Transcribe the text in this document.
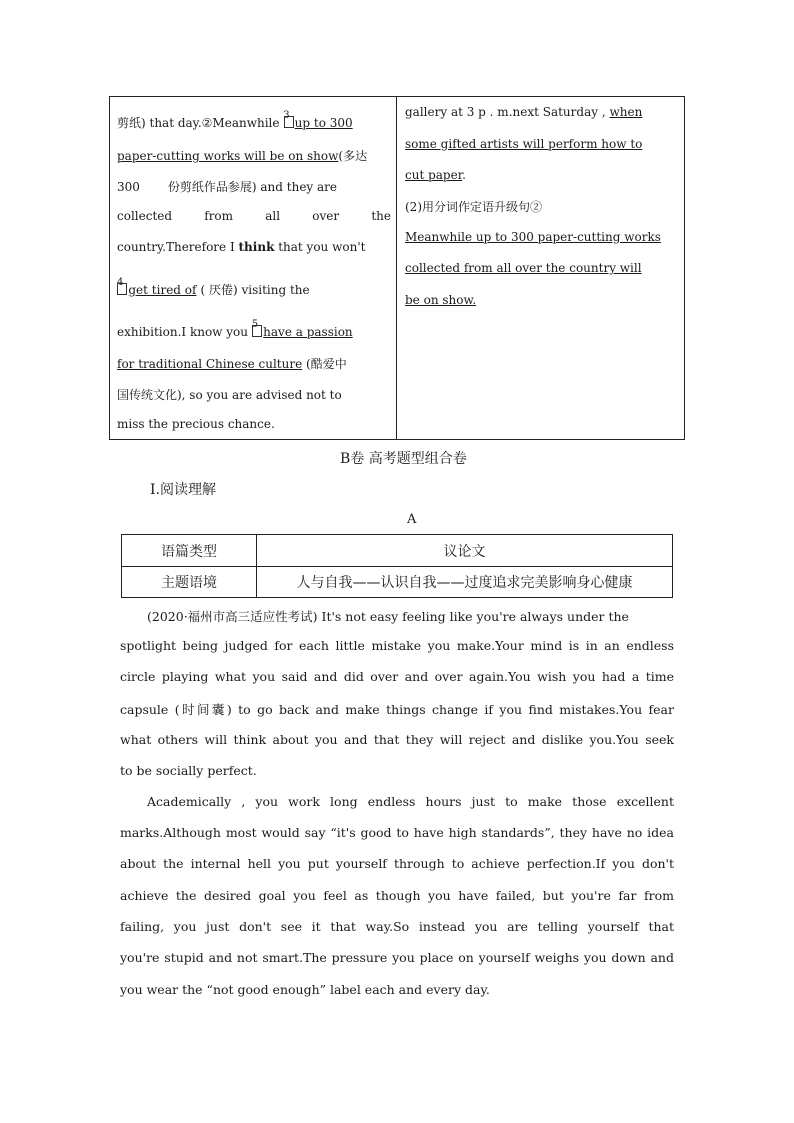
剪纸) that day.②Meanwhile $^3$up to 300
paper-cutting works will be on show(多达
300 份剪纸作品参展) and they are
collected from all over the
country.Therefore I think that you won't
$^4$get tired of ( 厌倦) visiting the
exhibition.I know you $^5$have a passion
for traditional Chinese culture (酷爱中
国传统文化), so you are advised not to
miss the precious chance.
gallery at 3 p . m.next Saturday , when
some gifted artists will perform how to
cut paper.
(2)用分词作定语升级句②
Meanwhile up to 300 paper-cutting works
collected from all over the country will
be on show.
B卷 高考题型组合卷
Ⅰ.阅读理解
A
语篇类型	议论文
主题语境	人与自我——认识自我——过度追求完美影响身心健康
(2020·福州市高三适应性考试) It's not easy feeling like you're always under the
spotlight being judged for each little mistake you make.Your mind is in an endless
circle playing what you said and did over and over again.You wish you had a time
capsule (时间囊) to go back and make things change if you find mistakes.You fear
what others will think about you and that they will reject and dislike you.You seek
to be socially perfect.
Academically , you work long endless hours just to make those excellent
marks.Although most would say “it's good to have high standards”, they have no idea
about the internal hell you put yourself through to achieve perfection.If you don't
achieve the desired goal you feel as though you have failed, but you're far from
failing, you just don't see it that way.So instead you are telling yourself that
you're stupid and not smart.The pressure you place on yourself weighs you down and
you wear the “not good enough” label each and every day.
